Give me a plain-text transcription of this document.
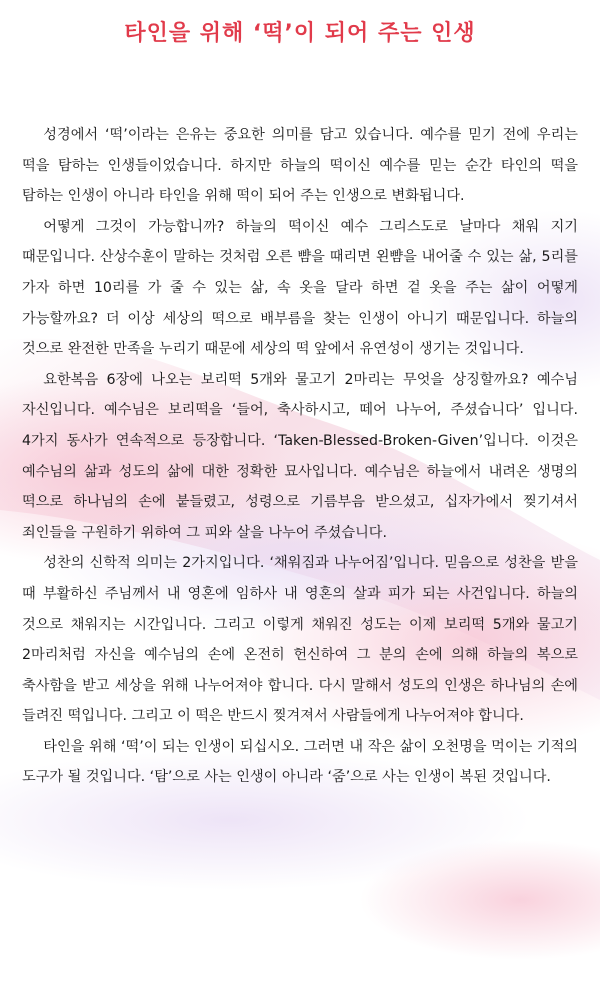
타인을 위해 ‘떡’이 되어 주는 인생

성경에서 ‘떡’이라는 은유는 중요한 의미를 담고 있습니다. 예수를 믿기 전에 우리는 떡을 탐하는 인생들이었습니다. 하지만 하늘의 떡이신 예수를 믿는 순간 타인의 떡을 탐하는 인생이 아니라 타인을 위해 떡이 되어 주는 인생으로 변화됩니다.

어떻게 그것이 가능합니까? 하늘의 떡이신 예수 그리스도로 날마다 채워 지기 때문입니다. 산상수훈이 말하는 것처럼 오른 뺨을 때리면 왼뺨을 내어줄 수 있는 삶, 5리를 가자 하면 10리를 가 줄 수 있는 삶, 속 옷을 달라 하면 겉 옷을 주는 삶이 어떻게 가능할까요? 더 이상 세상의 떡으로 배부름을 찾는 인생이 아니기 때문입니다. 하늘의 것으로 완전한 만족을 누리기 때문에 세상의 떡 앞에서 유연성이 생기는 것입니다.

요한복음 6장에 나오는 보리떡 5개와 물고기 2마리는 무엇을 상징할까요? 예수님 자신입니다. 예수님은 보리떡을 ‘들어, 축사하시고, 떼어 나누어, 주셨습니다’ 입니다. 4가지 동사가 연속적으로 등장합니다. ‘Taken-Blessed-Broken-Given’입니다. 이것은 예수님의 삶과 성도의 삶에 대한 정확한 묘사입니다. 예수님은 하늘에서 내려온 생명의 떡으로 하나님의 손에 붙들렸고, 성령으로 기름부음 받으셨고, 십자가에서 찢기셔서 죄인들을 구원하기 위하여 그 피와 살을 나누어 주셨습니다.

성찬의 신학적 의미는 2가지입니다. ‘채워짐과 나누어짐’입니다. 믿음으로 성찬을 받을 때 부활하신 주님께서 내 영혼에 임하사 내 영혼의 살과 피가 되는 사건입니다. 하늘의 것으로 채워지는 시간입니다. 그리고 이렇게 채워진 성도는 이제 보리떡 5개와 물고기 2마리처럼 자신을 예수님의 손에 온전히 헌신하여 그 분의 손에 의해 하늘의 복으로 축사함을 받고 세상을 위해 나누어져야 합니다. 다시 말해서 성도의 인생은 하나님의 손에 들려진 떡입니다. 그리고 이 떡은 반드시 찢겨져서 사람들에게 나누어져야 합니다.

타인을 위해 ‘떡’이 되는 인생이 되십시오. 그러면 내 작은 삶이 오천명을 먹이는 기적의 도구가 될 것입니다. ‘탐’으로 사는 인생이 아니라 ‘줌’으로 사는 인생이 복된 것입니다.
